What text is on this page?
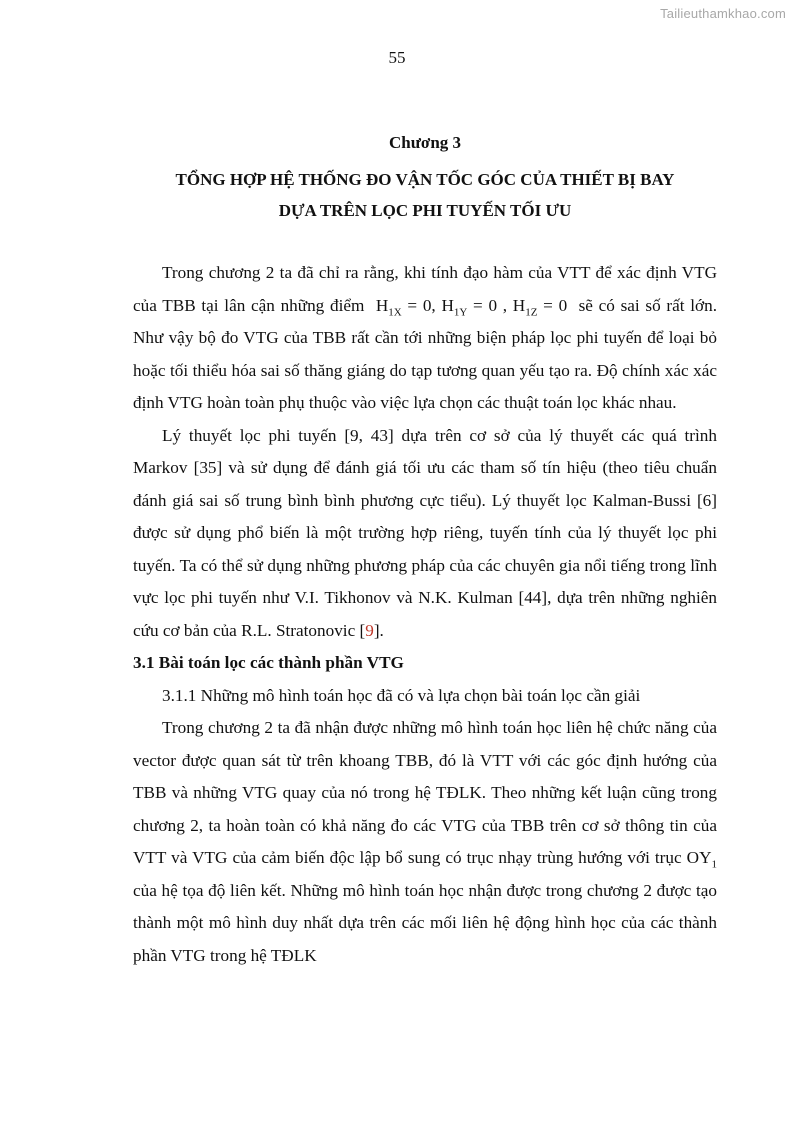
Tailieuthamkhao.com
55
Chương 3
TỔNG HỢP HỆ THỐNG ĐO VẬN TỐC GÓC CỦA THIẾT BỊ BAY
DỰA TRÊN LỌC PHI TUYẾN TỐI ƯU

Trong chương 2 ta đã chỉ ra rằng, khi tính đạo hàm của VTT để xác định VTG của TBB tại lân cận những điểm $H_{1X} = 0$, $H_{1Y} = 0$ , $H_{1Z} = 0$ sẽ có sai số rất lớn. Như vậy bộ đo VTG của TBB rất cần tới những biện pháp lọc phi tuyến để loại bỏ hoặc tối thiểu hóa sai số thăng giáng do tạp tương quan yếu tạo ra. Độ chính xác xác định VTG hoàn toàn phụ thuộc vào việc lựa chọn các thuật toán lọc khác nhau.

Lý thuyết lọc phi tuyến [9, 43] dựa trên cơ sở của lý thuyết các quá trình Markov [35] và sử dụng để đánh giá tối ưu các tham số tín hiệu (theo tiêu chuẩn đánh giá sai số trung bình bình phương cực tiểu). Lý thuyết lọc Kalman-Bussi [6] được sử dụng phổ biến là một trường hợp riêng, tuyến tính của lý thuyết lọc phi tuyến. Ta có thể sử dụng những phương pháp của các chuyên gia nổi tiếng trong lĩnh vực lọc phi tuyến như V.I. Tikhonov và N.K. Kulman [44], dựa trên những nghiên cứu cơ bản của R.L. Stratonovic [9].

3.1 Bài toán lọc các thành phần VTG

3.1.1 Những mô hình toán học đã có và lựa chọn bài toán lọc cần giải

Trong chương 2 ta đã nhận được những mô hình toán học liên hệ chức năng của vector được quan sát từ trên khoang TBB, đó là VTT với các góc định hướng của TBB và những VTG quay của nó trong hệ TĐLK. Theo những kết luận cũng trong chương 2, ta hoàn toàn có khả năng đo các VTG của TBB trên cơ sở thông tin của VTT và VTG của cảm biến độc lập bổ sung có trục nhạy trùng hướng với trục $OY_1$ của hệ tọa độ liên kết. Những mô hình toán học nhận được trong chương 2 được tạo thành một mô hình duy nhất dựa trên các mối liên hệ động hình học của các thành phần VTG trong hệ TĐLK
